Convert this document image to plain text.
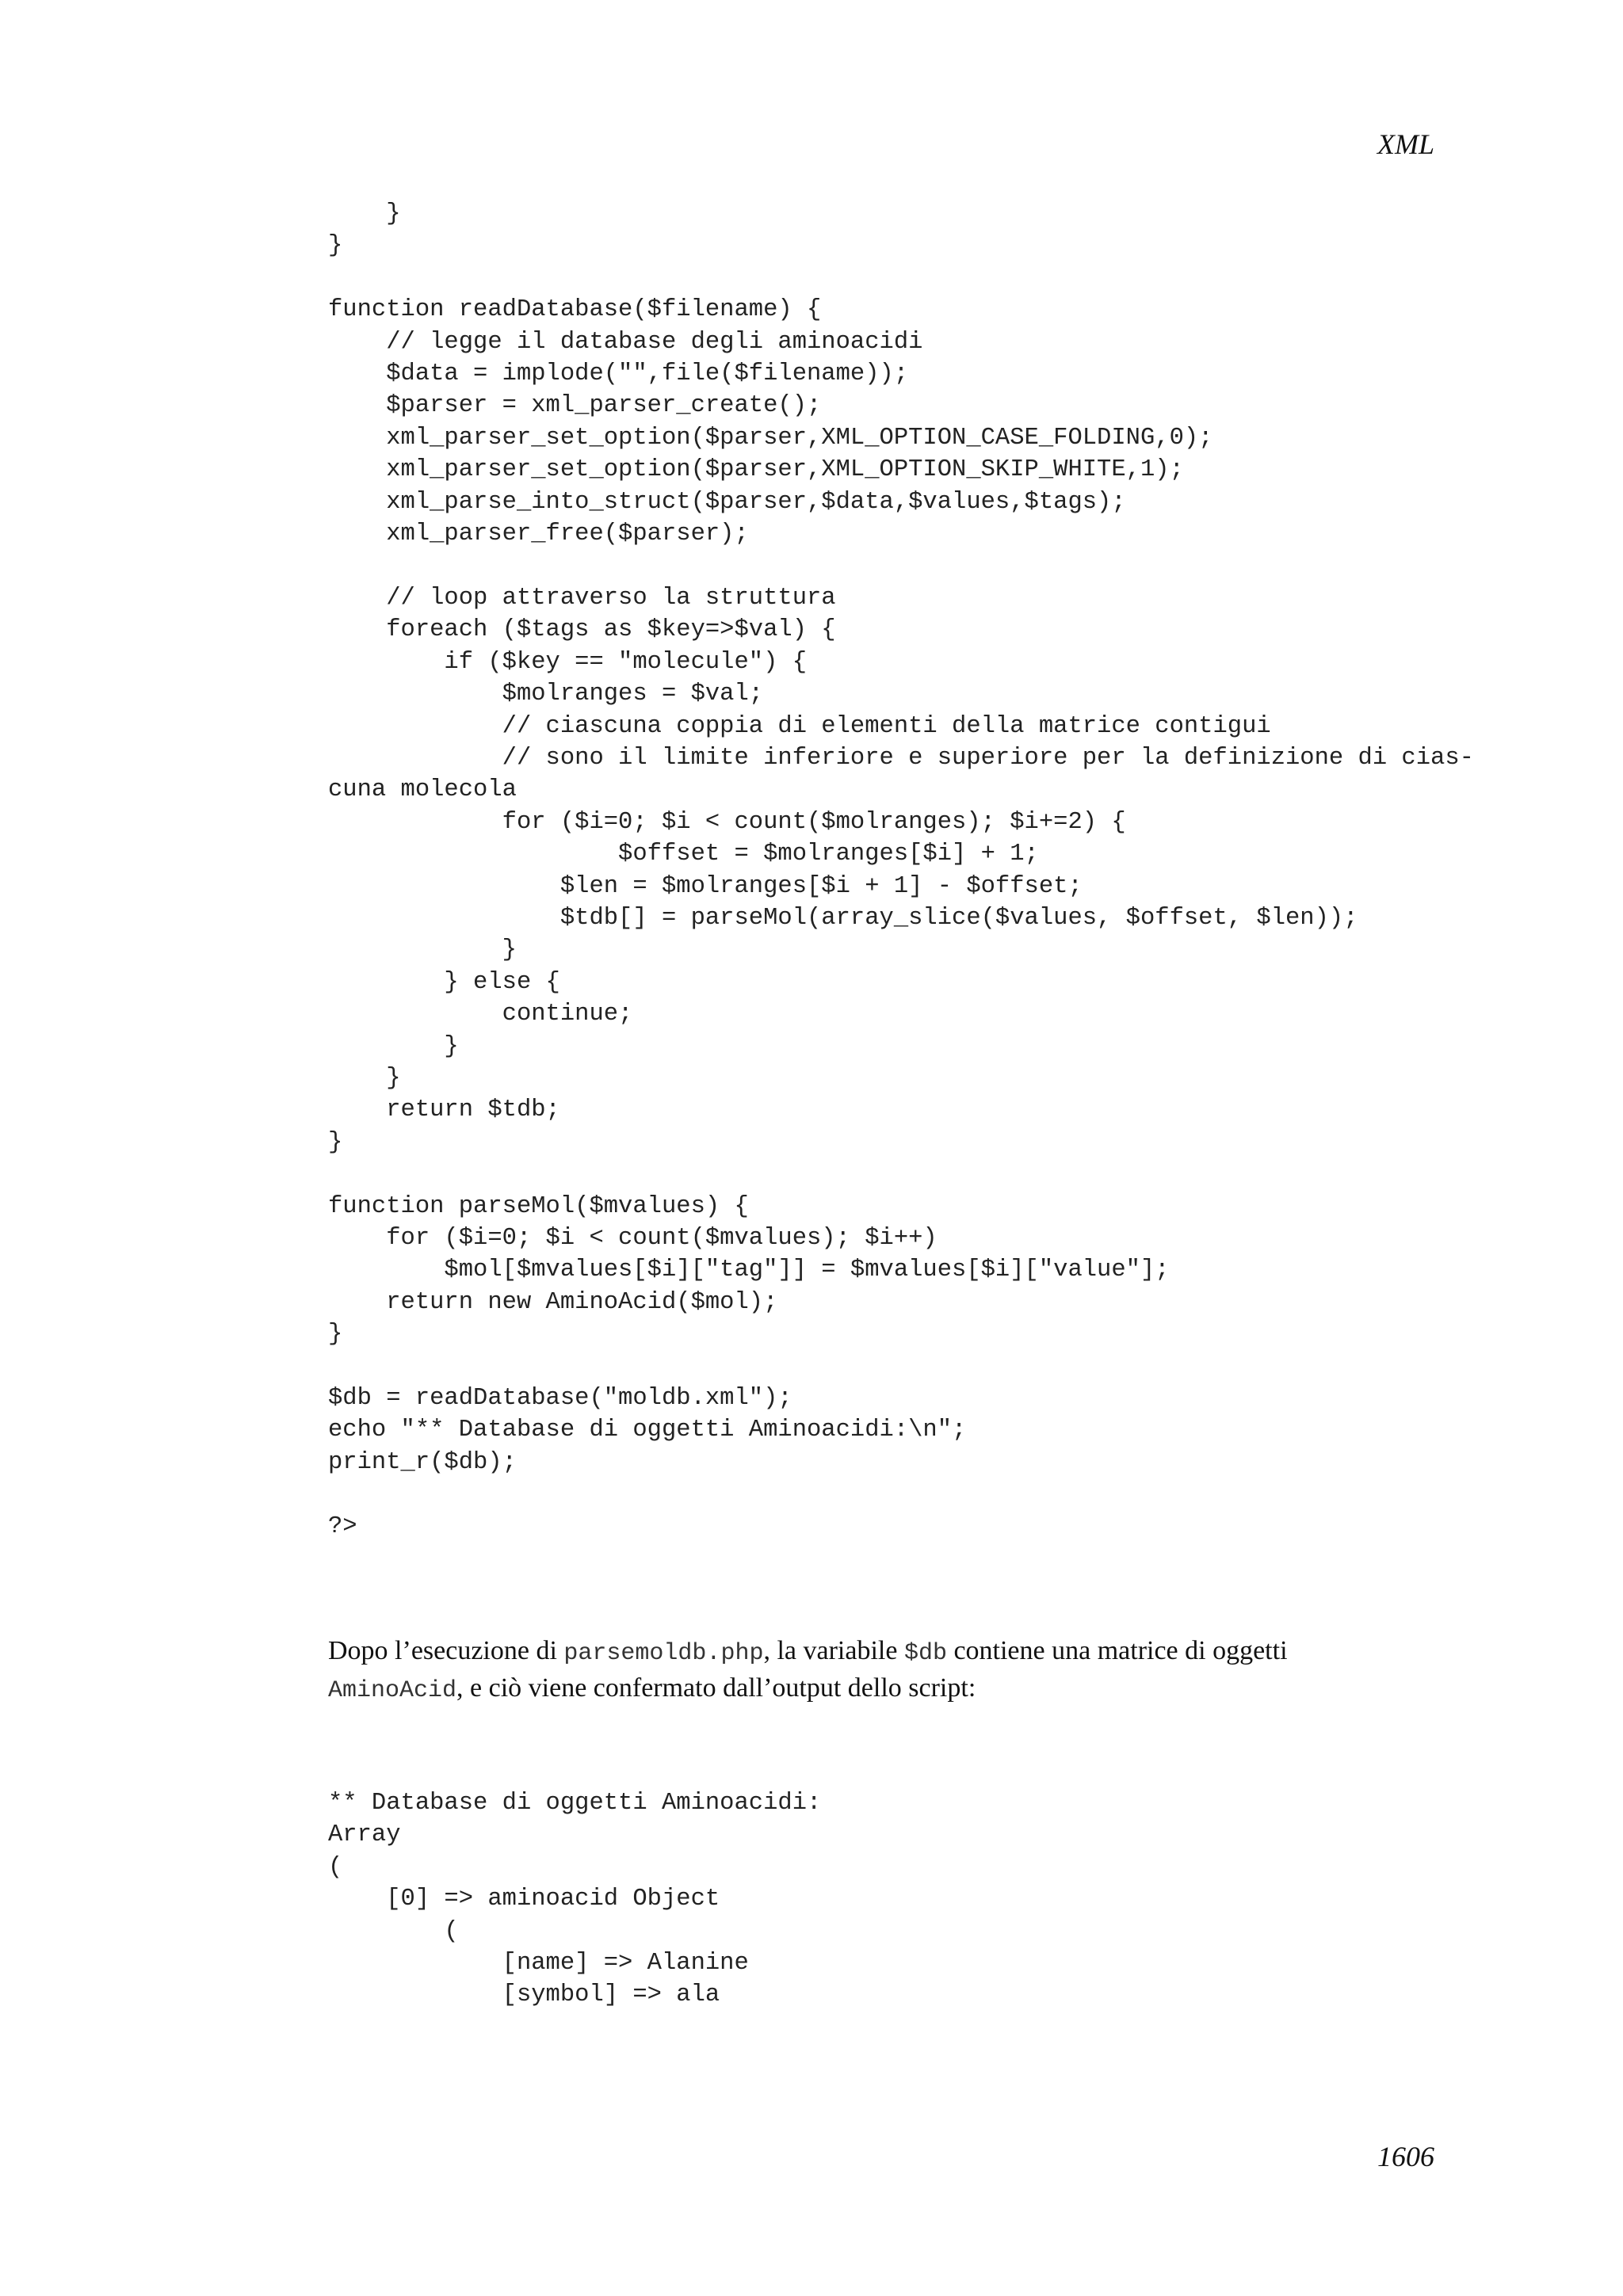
XML
}
}

function readDatabase($filename) {
// legge il database degli aminoacidi
$data = implode("",file($filename));
$parser = xml_parser_create();
xml_parser_set_option($parser,XML_OPTION_CASE_FOLDING,0);
xml_parser_set_option($parser,XML_OPTION_SKIP_WHITE,1);
xml_parse_into_struct($parser,$data,$values,$tags);
xml_parser_free($parser);

// loop attraverso la struttura
foreach ($tags as $key=>$val) {
if ($key == "molecule") {
$molranges = $val;
// ciascuna coppia di elementi della matrice contigui
// sono il limite inferiore e superiore per la definizione di cias-
cuna molecola
for ($i=0; $i < count($molranges); $i+=2) {
$offset = $molranges[$i] + 1;
$len = $molranges[$i + 1] - $offset;
$tdb[] = parseMol(array_slice($values, $offset, $len));
}
} else {
continue;
}
}
return $tdb;
}

function parseMol($mvalues) {
for ($i=0; $i < count($mvalues); $i++)
$mol[$mvalues[$i]["tag"]] = $mvalues[$i]["value"];
return new AminoAcid($mol);
}

$db = readDatabase("moldb.xml");
echo "** Database di oggetti Aminoacidi:\n";
print_r($db);

?>

Dopo l’esecuzione di parsemoldb.php, la variabile $db contiene una matrice di oggetti
AminoAcid, e ciò viene confermato dall’output dello script:

** Database di oggetti Aminoacidi:
Array
(
[0] => aminoacid Object
(
[name] => Alanine
[symbol] => ala
1606
